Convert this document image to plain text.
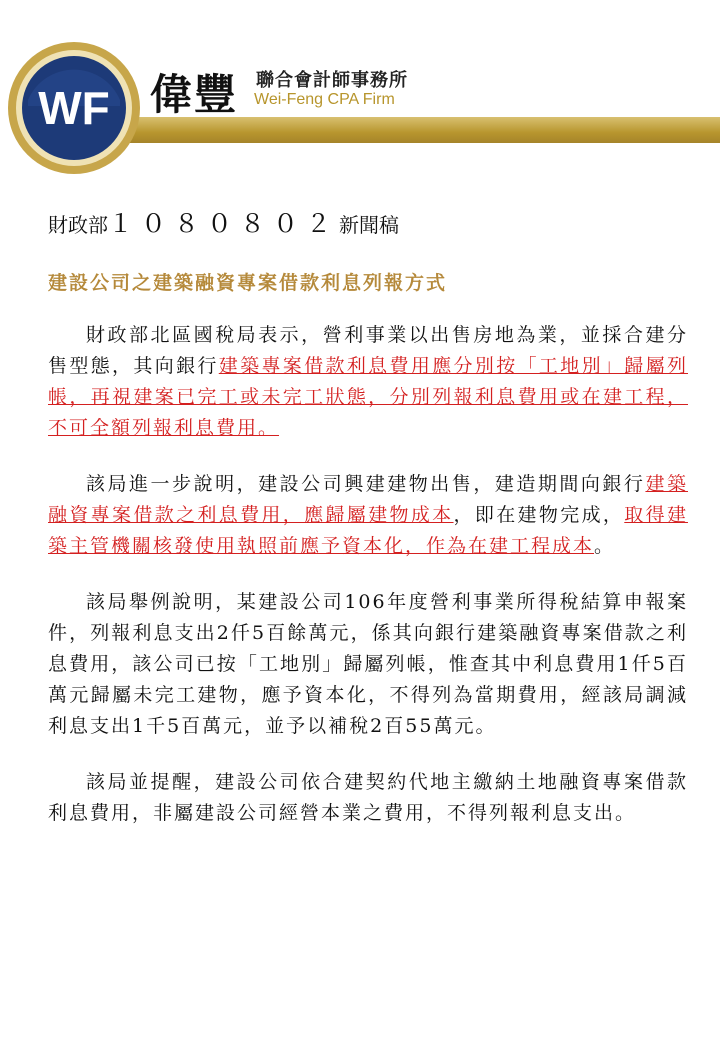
WF 偉豐 聯合會計師事務所
Wei-Feng CPA Firm

財政部１０８０８０２新聞稿

建設公司之建築融資專案借款利息列報方式

財政部北區國稅局表示，營利事業以出售房地為業，並採合建分售型態，其向銀行建築專案借款利息費用應分別按「工地別」歸屬列帳，再視建案已完工或未完工狀態，分別列報利息費用或在建工程，不可全額列報利息費用。

該局進一步說明，建設公司興建建物出售，建造期間向銀行建築融資專案借款之利息費用，應歸屬建物成本，即在建物完成，取得建築主管機關核發使用執照前應予資本化，作為在建工程成本。

該局舉例說明，某建設公司106年度營利事業所得稅結算申報案件，列報利息支出2仟5百餘萬元，係其向銀行建築融資專案借款之利息費用，該公司已按「工地別」歸屬列帳，惟查其中利息費用1仟5百萬元歸屬未完工建物，應予資本化，不得列為當期費用，經該局調減利息支出1千5百萬元，並予以補稅2百55萬元。

該局並提醒，建設公司依合建契約代地主繳納土地融資專案借款利息費用，非屬建設公司經營本業之費用，不得列報利息支出。
